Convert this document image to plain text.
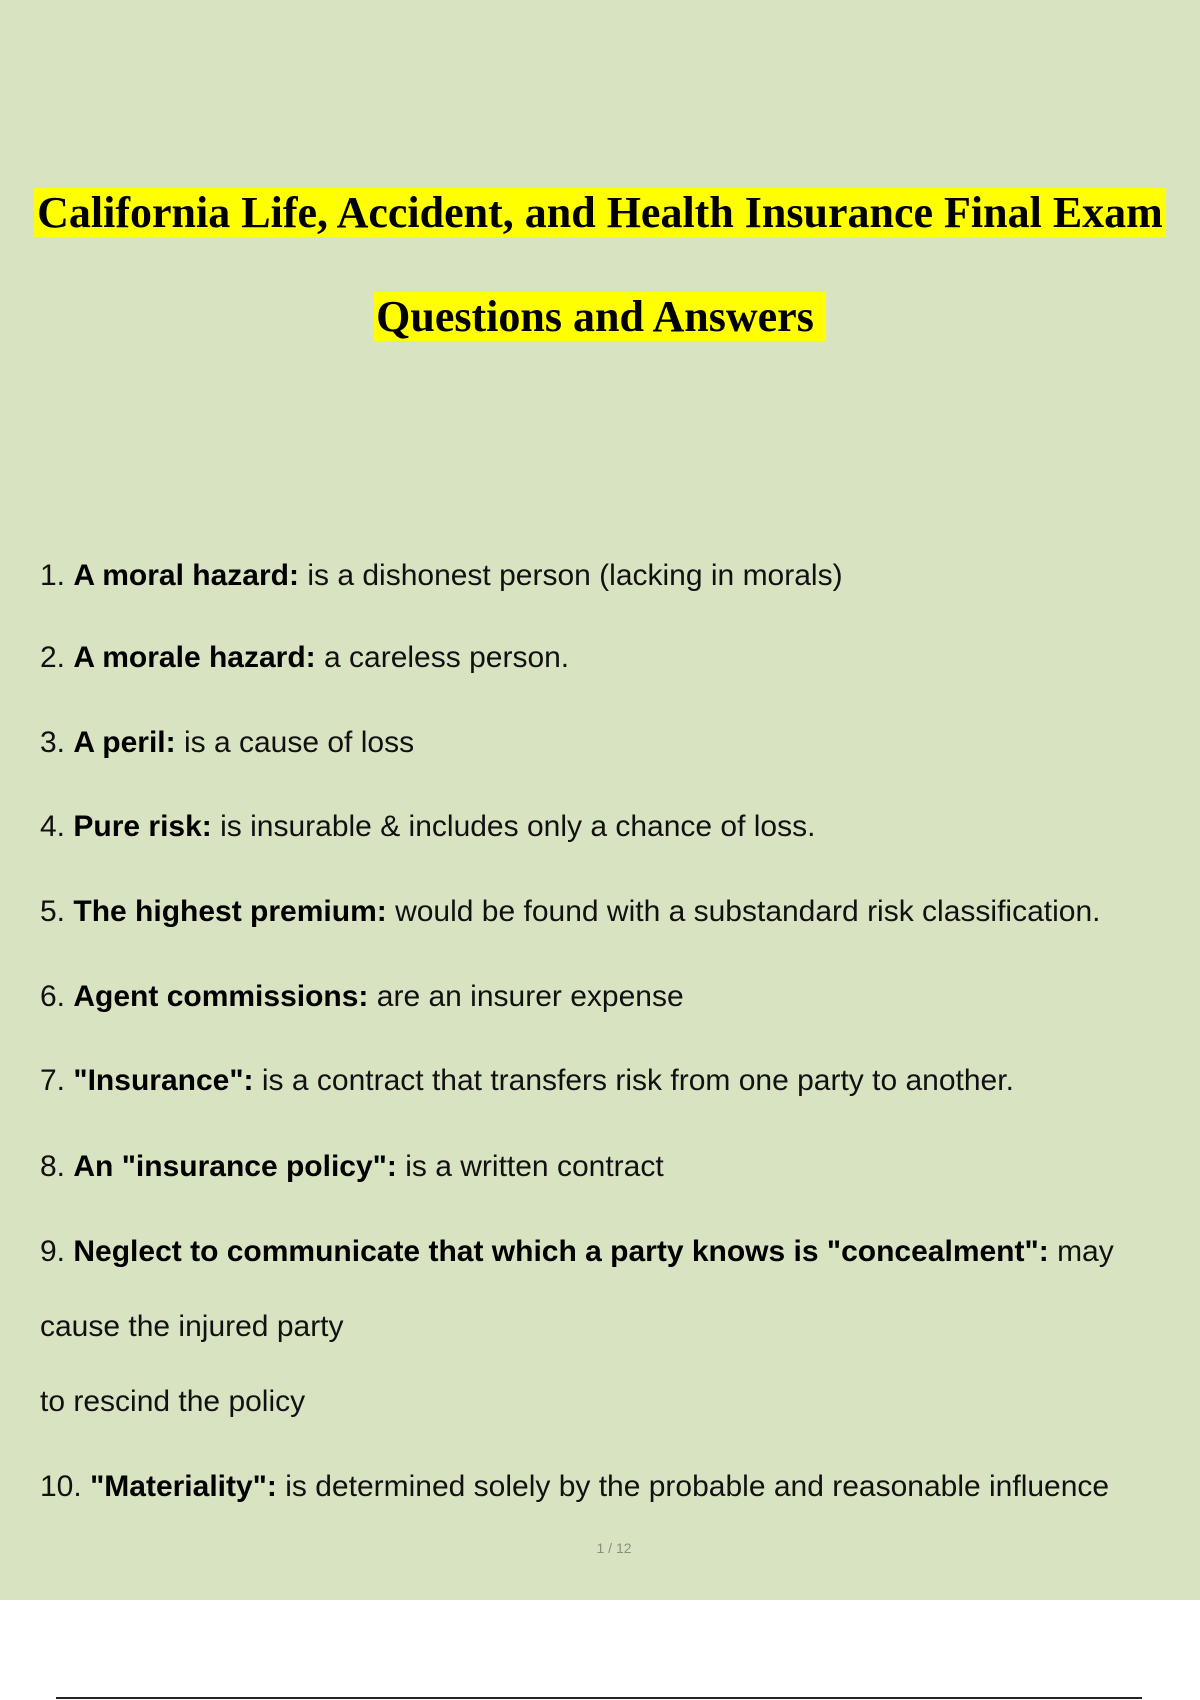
California Life, Accident, and Health Insurance Final Exam
Questions and Answers
1. A moral hazard: is a dishonest person (lacking in morals)
2. A morale hazard: a careless person.
3. A peril: is a cause of loss
4. Pure risk: is insurable & includes only a chance of loss.
5. The highest premium: would be found with a substandard risk classification.
6. Agent commissions: are an insurer expense
7. "Insurance": is a contract that transfers risk from one party to another.
8. An "insurance policy": is a written contract
9. Neglect to communicate that which a party knows is "concealment": may
cause the injured party
to rescind the policy
10. "Materiality": is determined solely by the probable and reasonable influence
1 / 12
